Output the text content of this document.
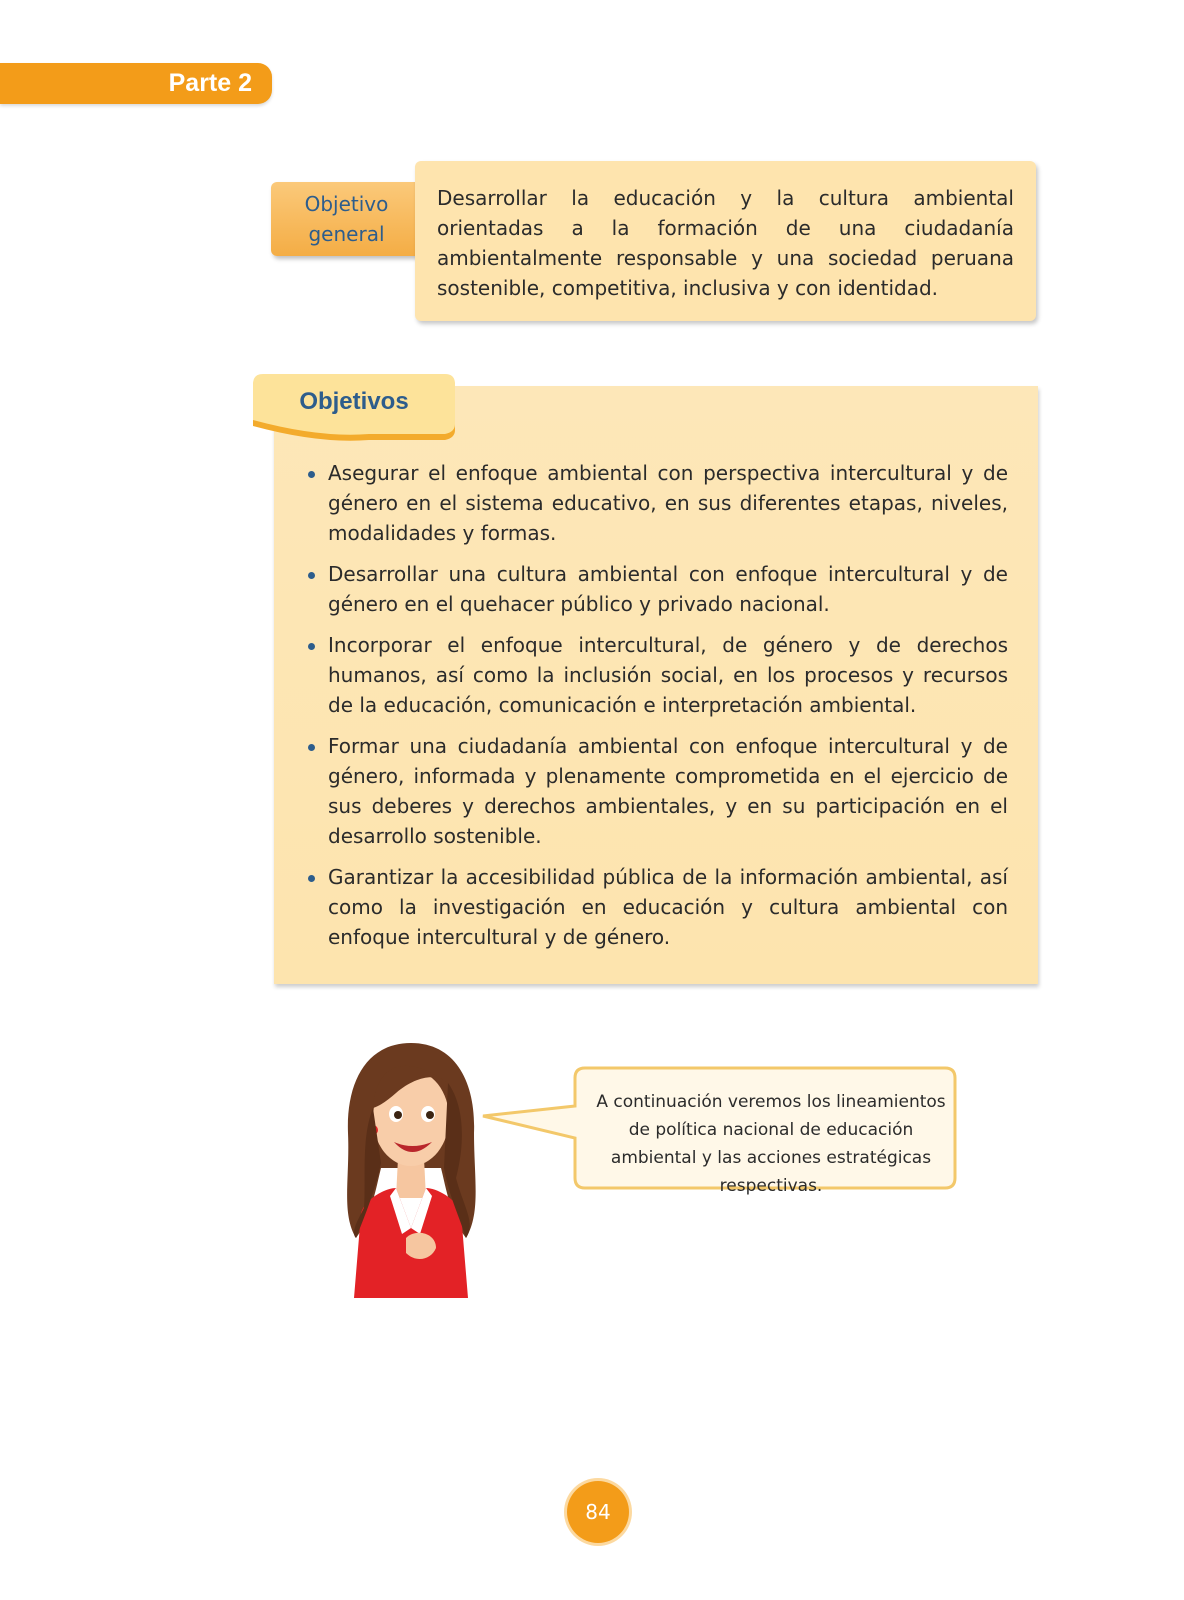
Parte 2
Objetivo general
Desarrollar la educación y la cultura ambiental orientadas a la formación de una ciudadanía ambientalmente responsable y una sociedad peruana sostenible, competitiva, inclusiva y con identidad.
Objetivos
Asegurar el enfoque ambiental con perspectiva intercultural y de género en el sistema educativo, en sus diferentes etapas, niveles, modalidades y formas.
Desarrollar una cultura ambiental con enfoque intercultural y de género en el quehacer público y privado nacional.
Incorporar el enfoque intercultural, de género y de derechos humanos, así como la inclusión social, en los procesos y recursos de la educación, comunicación e interpretación ambiental.
Formar una ciudadanía ambiental con enfoque intercultural y de género, informada y plenamente comprometida en el ejercicio de sus deberes y derechos ambientales, y en su participación en el desarrollo sostenible.
Garantizar la accesibilidad pública de la información ambiental, así como la investigación en educación y cultura ambiental con enfoque intercultural y de género.
A continuación veremos los lineamientos de política nacional de educación ambiental y las acciones estratégicas respectivas.
84
